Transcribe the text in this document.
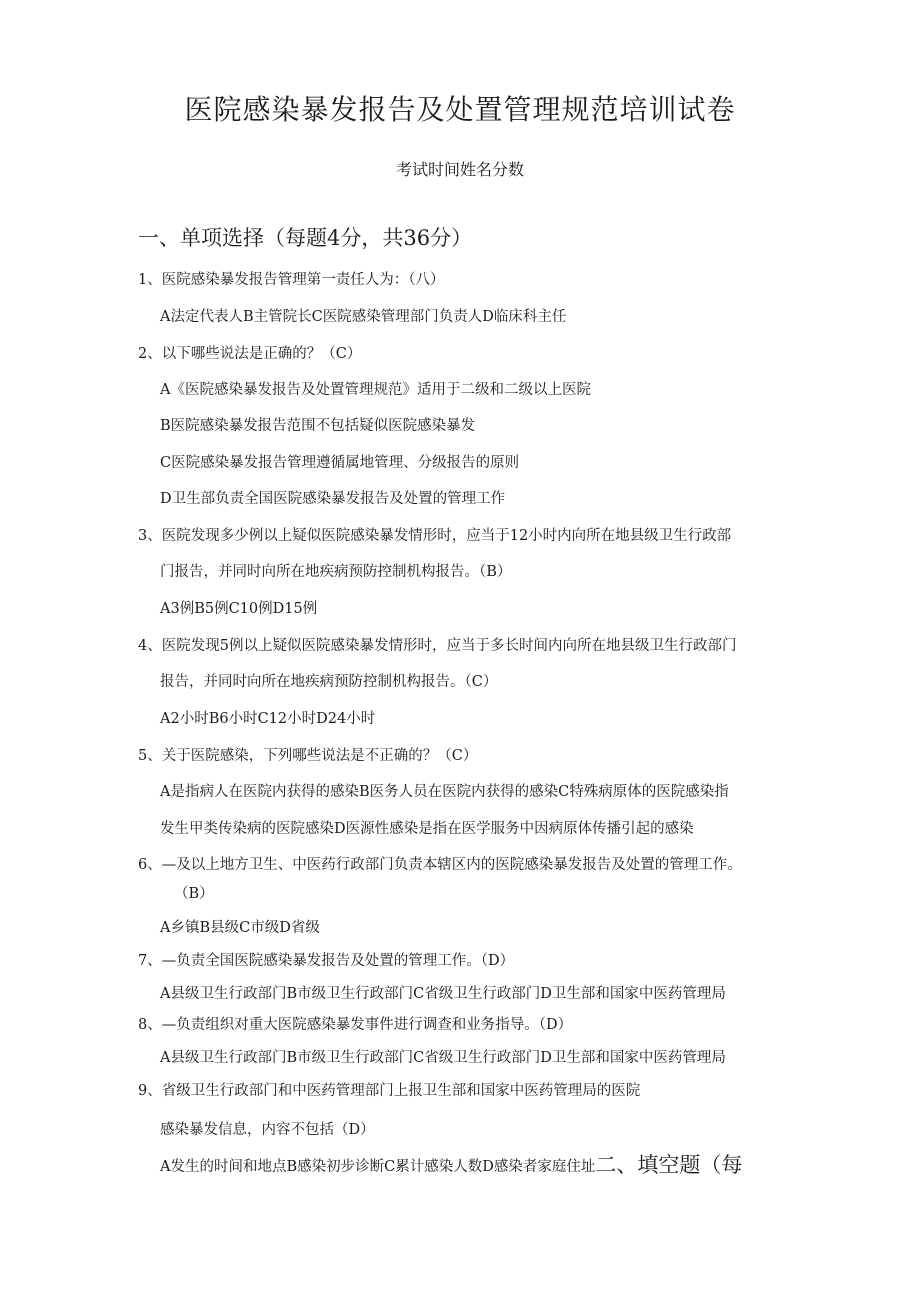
医院感染暴发报告及处置管理规范培训试卷
考试时间姓名分数
一、单项选择（每题4分，共36分）
1、医院感染暴发报告管理第一责任人为：（八）
A法定代表人B主管院长C医院感染管理部门负责人D临床科主任
2、以下哪些说法是正确的？（C）
A《医院感染暴发报告及处置管理规范》适用于二级和二级以上医院
B医院感染暴发报告范围不包括疑似医院感染暴发
C医院感染暴发报告管理遵循属地管理、分级报告的原则
D卫生部负责全国医院感染暴发报告及处置的管理工作
3、医院发现多少例以上疑似医院感染暴发情形时，应当于12小时内向所在地县级卫生行政部
门报告，并同时向所在地疾病预防控制机构报告。（B）
A3例B5例C10例D15例
4、医院发现5例以上疑似医院感染暴发情形时，应当于多长时间内向所在地县级卫生行政部门
报告，并同时向所在地疾病预防控制机构报告。（C）
A2小时B6小时C12小时D24小时
5、关于医院感染，下列哪些说法是不正确的？（C）
A是指病人在医院内获得的感染B医务人员在医院内获得的感染C特殊病原体的医院感染指
发生甲类传染病的医院感染D医源性感染是指在医学服务中因病原体传播引起的感染
6、—及以上地方卫生、中医药行政部门负责本辖区内的医院感染暴发报告及处置的管理工作。
（B）
A乡镇B县级C市级D省级
7、—负责全国医院感染暴发报告及处置的管理工作。（D）
A县级卫生行政部门B市级卫生行政部门C省级卫生行政部门D卫生部和国家中医药管理局
8、—负责组织对重大医院感染暴发事件进行调查和业务指导。（D）
A县级卫生行政部门B市级卫生行政部门C省级卫生行政部门D卫生部和国家中医药管理局
9、省级卫生行政部门和中医药管理部门上报卫生部和国家中医药管理局的医院
感染暴发信息，内容不包括（D）
A发生的时间和地点B感染初步诊断C累计感染人数D感染者家庭住址二、填空题（每
